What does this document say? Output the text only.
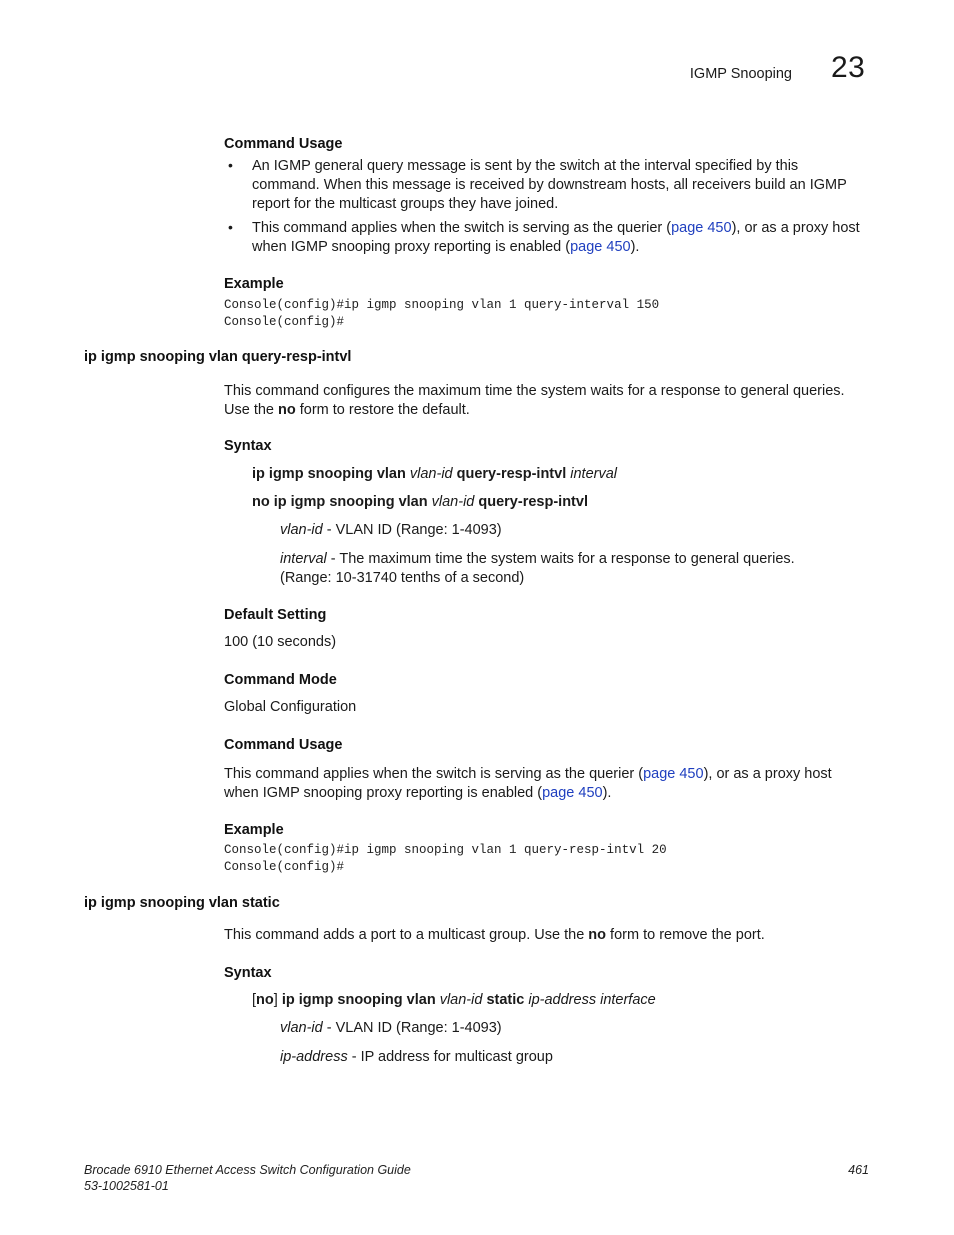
IGMP Snooping 23
Command Usage
• An IGMP general query message is sent by the switch at the interval specified by this
command. When this message is received by downstream hosts, all receivers build an IGMP
report for the multicast groups they have joined.
• This command applies when the switch is serving as the querier (page 450), or as a proxy host
when IGMP snooping proxy reporting is enabled (page 450).
Example
Console(config)#ip igmp snooping vlan 1 query-interval 150
Console(config)#
ip igmp snooping vlan query-resp-intvl
This command configures the maximum time the system waits for a response to general queries.
Use the no form to restore the default.
Syntax
ip igmp snooping vlan vlan-id query-resp-intvl interval
no ip igmp snooping vlan vlan-id query-resp-intvl
vlan-id - VLAN ID (Range: 1-4093)
interval - The maximum time the system waits for a response to general queries.
(Range: 10-31740 tenths of a second)
Default Setting
100 (10 seconds)
Command Mode
Global Configuration
Command Usage
This command applies when the switch is serving as the querier (page 450), or as a proxy host
when IGMP snooping proxy reporting is enabled (page 450).
Example
Console(config)#ip igmp snooping vlan 1 query-resp-intvl 20
Console(config)#
ip igmp snooping vlan static
This command adds a port to a multicast group. Use the no form to remove the port.
Syntax
[no] ip igmp snooping vlan vlan-id static ip-address interface
vlan-id - VLAN ID (Range: 1-4093)
ip-address - IP address for multicast group
Brocade 6910 Ethernet Access Switch Configuration Guide
53-1002581-01
461
